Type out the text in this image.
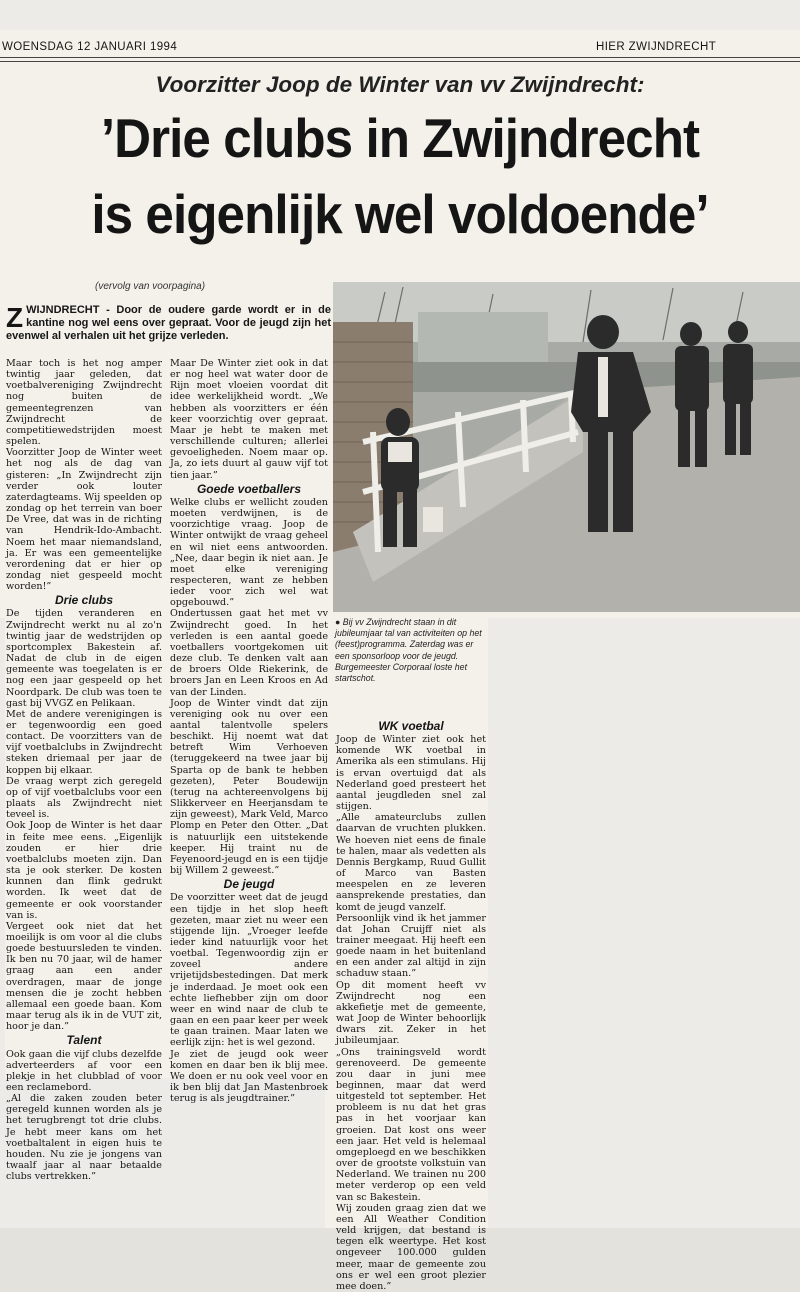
WOENSDAG 12 JANUARI 1994	HIER ZWIJNDRECHT
Voorzitter Joop de Winter van vv Zwijndrecht:
’Drie clubs in Zwijndrecht
is eigenlijk wel voldoende’
(vervolg van voorpagina)
● Bij vv Zwijndrecht staan in dit jubileumjaar tal van activiteiten op het (feest)programma. Zaterdag was er een sponsorloop voor de jeugd. Burgemeester Corporaal loste het startschot.

ZWIJNDRECHT - Door de oudere garde wordt er in de kantine nog wel eens over gepraat. Voor de jeugd zijn het evenwel al verhalen uit het grijze verleden.

Maar toch is het nog amper twintig jaar geleden, dat voetbalvereniging Zwijndrecht nog buiten de gemeentegrenzen van Zwijndrecht de competitiewedstrijden moest spelen.

Voorzitter Joop de Winter weet het nog als de dag van gisteren: „In Zwijndrecht zijn verder ook louter zaterdagteams. Wij speelden op zondag op het terrein van boer De Vree, dat was in de richting van Hendrik-Ido-Ambacht. Noem het maar niemandsland, ja. Er was een gemeentelijke verordening dat er hier op zondag niet gespeeld mocht worden!”

Drie clubs

De tijden veranderen en Zwijndrecht werkt nu al zo'n twintig jaar de wedstrijden op sportcomplex Bakestein af. Nadat de club in de eigen gemeente was toegelaten is er nog een jaar gespeeld op het Noordpark. De club was toen te gast bij VVGZ en Pelikaan.

Met de andere verenigingen is er tegenwoordig een goed contact. De voorzitters van de vijf voetbalclubs in Zwijndrecht steken driemaal per jaar de koppen bij elkaar.

De vraag werpt zich geregeld op of vijf voetbalclubs voor een plaats als Zwijndrecht niet teveel is.

Ook Joop de Winter is het daar in feite mee eens. „Eigenlijk zouden er hier drie voetbalclubs moeten zijn. Dan sta je ook sterker. De kosten kunnen dan flink gedrukt worden. Ik weet dat de gemeente er ook voorstander van is.

Vergeet ook niet dat het moeilijk is om voor al die clubs goede bestuursleden te vinden. Ik ben nu 70 jaar, wil de hamer graag aan een ander overdragen, maar de jonge mensen die je zocht hebben allemaal een goede baan. Kom maar terug als ik in de VUT zit, hoor je dan.”

Talent

Ook gaan die vijf clubs dezelfde adverteerders af voor een plekje in het clubblad of voor een reclamebord.

„Al die zaken zouden beter geregeld kunnen worden als je het terugbrengt tot drie clubs. Je hebt meer kans om het voetbaltalent in eigen huis te houden. Nu zie je jongens van twaalf jaar al naar betaalde clubs vertrekken.”

Maar De Winter ziet ook in dat er nog heel wat water door de Rijn moet vloeien voordat dit idee werkelijkheid wordt. „We hebben als voorzitters er één keer voorzichtig over gepraat. Maar je hebt te maken met verschillende culturen; allerlei gevoeligheden. Noem maar op. Ja, zo iets duurt al gauw vijf tot tien jaar.”

Goede voetballers

Welke clubs er wellicht zouden moeten verdwijnen, is de voorzichtige vraag. Joop de Winter ontwijkt de vraag geheel en wil niet eens antwoorden. „Nee, daar begin ik niet aan. Je moet elke vereniging respecteren, want ze hebben ieder voor zich wel wat opgebouwd.”

Ondertussen gaat het met vv Zwijndrecht goed. In het verleden is een aantal goede voetballers voortgekomen uit deze club. Te denken valt aan de broers Olde Riekerink, de broers Jan en Leen Kroos en Ad van der Linden.

Joop de Winter vindt dat zijn vereniging ook nu over een aantal talentvolle spelers beschikt. Hij noemt wat dat betreft Wim Verhoeven (teruggekeerd na twee jaar bij Sparta op de bank te hebben gezeten), Peter Boudewijn (terug na achtereenvolgens bij Slikkerveer en Heerjansdam te zijn geweest), Mark Veld, Marco Plomp en Peter den Otter. „Dat is natuurlijk een uitstekende keeper. Hij traint nu de Feyenoord-jeugd en is een tijdje bij Willem 2 geweest.”

De jeugd

De voorzitter weet dat de jeugd een tijdje in het slop heeft gezeten, maar ziet nu weer een stijgende lijn. „Vroeger leefde ieder kind natuurlijk voor het voetbal. Tegenwoordig zijn er zoveel andere vrijetijdsbestedingen. Dat merk je inderdaad. Je moet ook een echte liefhebber zijn om door weer en wind naar de club te gaan en een paar keer per week te gaan trainen. Maar laten we eerlijk zijn: het is wel gezond.

Je ziet de jeugd ook weer komen en daar ben ik blij mee. We doen er nu ook veel voor en ik ben blij dat Jan Mastenbroek terug is als jeugdtrainer.”

WK voetbal

Joop de Winter ziet ook het komende WK voetbal in Amerika als een stimulans. Hij is ervan overtuigd dat als Nederland goed presteert het aantal jeugdleden snel zal stijgen.

„Alle amateurclubs zullen daarvan de vruchten plukken. We hoeven niet eens de finale te halen, maar als vedetten als Dennis Bergkamp, Ruud Gullit of Marco van Basten meespelen en ze leveren aansprekende prestaties, dan komt de jeugd vanzelf.

Persoonlijk vind ik het jammer dat Johan Cruijff niet als trainer meegaat. Hij heeft een goede naam in het buitenland en een ander zal altijd in zijn schaduw staan.”

Op dit moment heeft vv Zwijndrecht nog een akkefietje met de gemeente, wat Joop de Winter behoorlijk dwars zit. Zeker in het jubileumjaar.

„Ons trainingsveld wordt gerenoveerd. De gemeente zou daar in juni mee beginnen, maar dat werd uitgesteld tot september. Het probleem is nu dat het gras pas in het voorjaar kan groeien. Dat kost ons weer een jaar. Het veld is helemaal omgeploegd en we beschikken over de grootste volkstuin van Nederland. We trainen nu 200 meter verderop op een veld van sc Bakestein.

Wij zouden graag zien dat we een All Weather Condition veld krijgen, dat bestand is tegen elk weertype. Het kost ongeveer 100.000 gulden meer, maar de gemeente zou ons er wel een groot plezier mee doen.”
